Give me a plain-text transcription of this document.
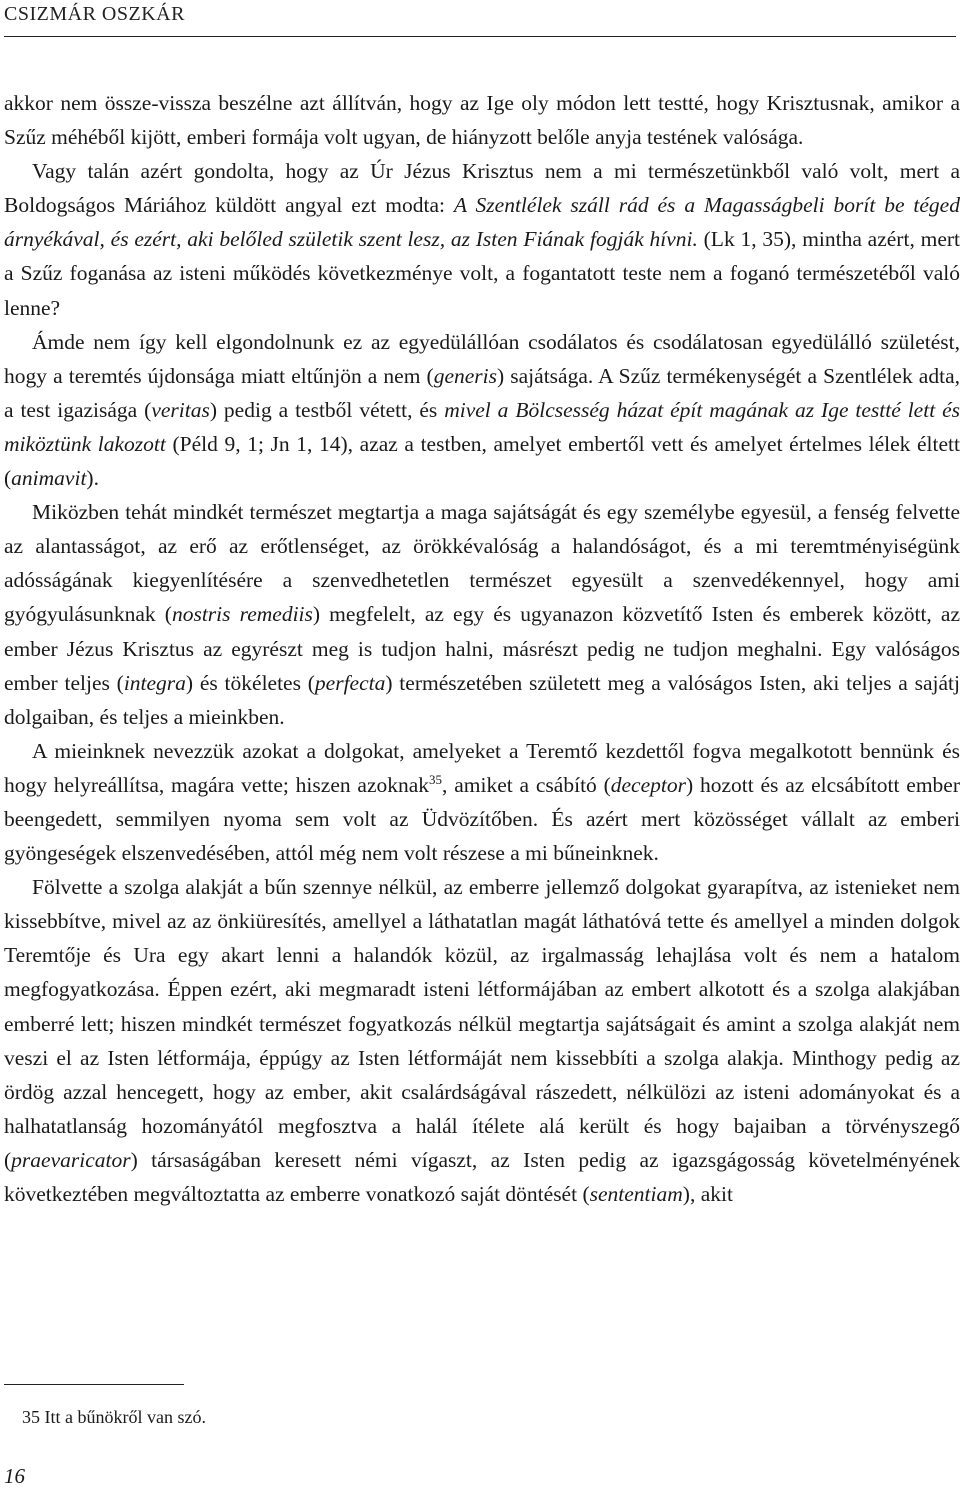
CSIZMÁR OSZKÁR

akkor nem össze-vissza beszélne azt állítván, hogy az Ige oly módon lett testté, hogy Krisztusnak, amikor a Szűz méhéből kijött, emberi formája volt ugyan, de hiányzott belőle anyja testének valósága.

Vagy talán azért gondolta, hogy az Úr Jézus Krisztus nem a mi természetünkből való volt, mert a Boldogságos Máriához küldött angyal ezt modta: A Szentlélek száll rád és a Magasságbeli borít be téged árnyékával, és ezért, aki belőled születik szent lesz, az Isten Fiának fogják hívni. (Lk 1, 35), mintha azért, mert a Szűz foganása az isteni működés következménye volt, a fogantatott teste nem a foganó természetéből való lenne?

Ámde nem így kell elgondolnunk ez az egyedülállóan csodálatos és csodálatosan egyedülálló születést, hogy a teremtés újdonsága miatt eltűnjön a nem (generis) sajátsága. A Szűz termékenységét a Szentlélek adta, a test igazisága (veritas) pedig a testből vétett, és mivel a Bölcsesség házat épít magának az Ige testté lett és miköztünk lakozott (Péld 9, 1; Jn 1, 14), azaz a testben, amelyet embertől vett és amelyet értelmes lélek éltett (animavit).

Miközben tehát mindkét természet megtartja a maga sajátságát és egy személybe egyesül, a fenség felvette az alantasságot, az erő az erőtlenséget, az örökkévalóság a halandóságot, és a mi teremtményiségünk adósságának kiegyenlítésére a szenvedhetetlen természet egyesült a szenvedékennyel, hogy ami gyógyulásunknak (nostris remediis) megfelelt, az egy és ugyanazon közvetítő Isten és emberek között, az ember Jézus Krisztus az egyrészt meg is tudjon halni, másrészt pedig ne tudjon meghalni. Egy valóságos ember teljes (integra) és tökéletes (perfecta) természetében született meg a valóságos Isten, aki teljes a sajátj dolgaiban, és teljes a mieinkben.

A mieinknek nevezzük azokat a dolgokat, amelyeket a Teremtő kezdettől fogva megalkotott bennünk és hogy helyreállítsa, magára vette; hiszen azoknak$^{35}$, amiket a csábító (deceptor) hozott és az elcsábított ember beengedett, semmilyen nyoma sem volt az Üdvözítőben. És azért mert közösséget vállalt az emberi gyöngeségek elszenvedésében, attól még nem volt részese a mi bűneinknek.

Fölvette a szolga alakját a bűn szennye nélkül, az emberre jellemző dolgokat gyarapítva, az istenieket nem kissebbítve, mivel az az önkiüresítés, amellyel a láthatatlan magát láthatóvá tette és amellyel a minden dolgok Teremtője és Ura egy akart lenni a halandók közül, az irgalmasság lehajlása volt és nem a hatalom megfogyatkozása. Éppen ezért, aki megmaradt isteni létformájában az embert alkotott és a szolga alakjában emberré lett; hiszen mindkét természet fogyatkozás nélkül megtartja sajátságait és amint a szolga alakját nem veszi el az Isten létformája, éppúgy az Isten létformáját nem kissebbíti a szolga alakja. Minthogy pedig az ördög azzal hencegett, hogy az ember, akit csalárdságával rászedett, nélkülözi az isteni adományokat és a halhatatlanság hozományától megfosztva a halál ítélete alá került és hogy bajaiban a törvényszegő (praevaricator) társaságában keresett némi vígaszt, az Isten pedig az igazsgágosság követelményének következtében megváltoztatta az emberre vonatkozó saját döntését (sententiam), akit

35 Itt a bűnökről van szó.
16
